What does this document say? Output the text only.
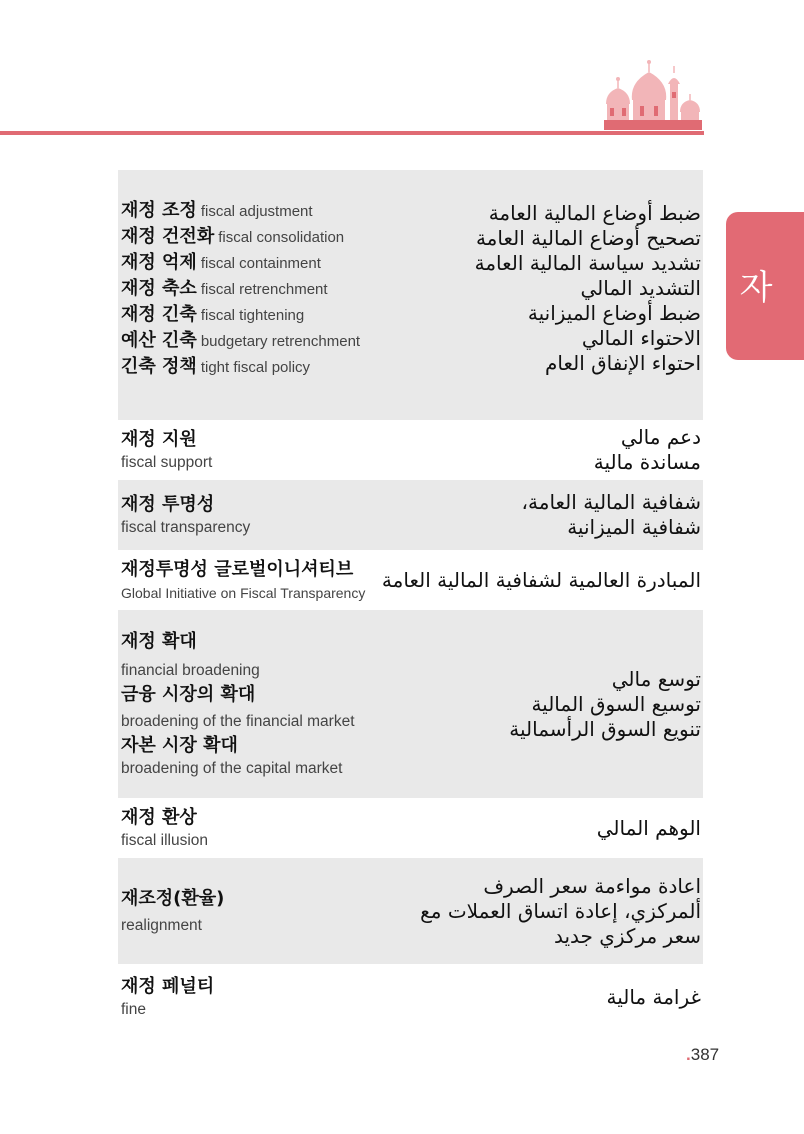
자
재정 조정 fiscal adjustment
재정 건전화 fiscal consolidation
재정 억제 fiscal containment
재정 축소 fiscal retrenchment
재정 긴축 fiscal tightening
예산 긴축 budgetary retrenchment
긴축 정책 tight fiscal policy
ضبط أوضاع المالية العامة
تصحيح أوضاع المالية العامة
تشديد سياسة المالية العامة
التشديد المالي
ضبط أوضاع الميزانية
الاحتواء المالي
احتواء الإنفاق العام
재정 지원
fiscal support
دعم مالي
مساندة مالية
재정 투명성
fiscal transparency
شفافية المالية العامة،
شفافية الميزانية
재정투명성 글로벌이니셔티브
Global Initiative on Fiscal Transparency
المبادرة العالمية لشفافية المالية العامة
재정 확대
financial broadening
금융 시장의 확대
broadening of the financial market
자본 시장 확대
broadening of the capital market
توسع مالي
توسيع السوق المالية
تنويع السوق الرأسمالية
재정 환상
fiscal illusion
الوهم المالي
재조정(환율)
realignment
اعادة مواءمة سعر الصرف
ألمركزي، إعادة اتساق العملات مع
سعر مركزي جديد
재정 페널티
fine
غرامة مالية
.387
